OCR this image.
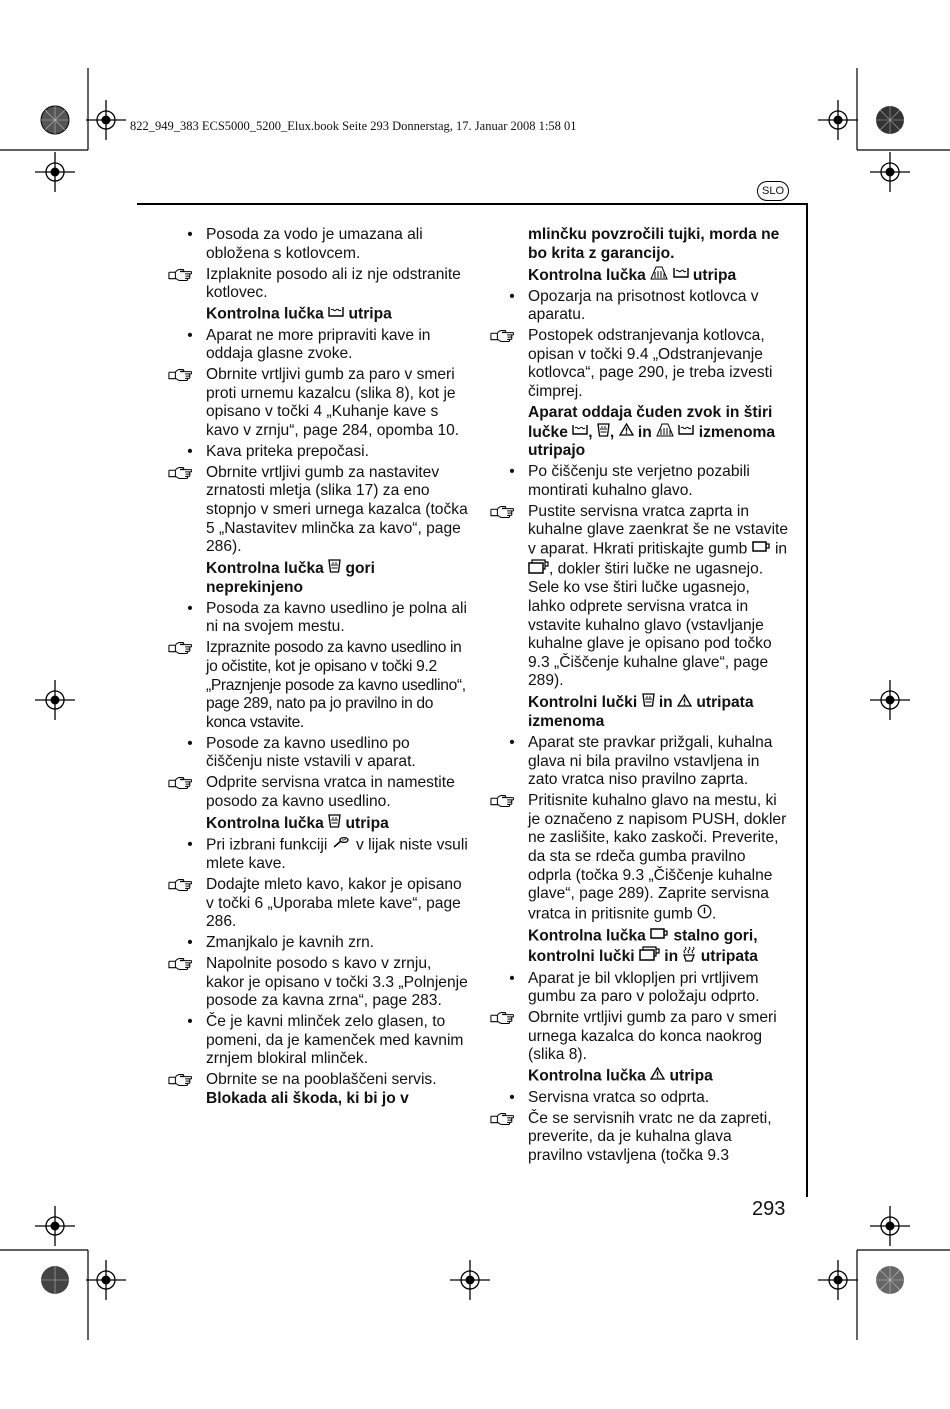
822_949_383 ECS5000_5200_Elux.book Seite 293 Donnerstag, 17. Januar 2008 1:58 01
SLO
• Posoda za vodo je umazana ali obložena s kotlovcem.
Izplaknite posodo ali iz nje odstranite kotlovec.
Kontrolna lučka  utripa
• Aparat ne more pripraviti kave in oddaja glasne zvoke.
Obrnite vrtljivi gumb za paro v smeri proti urnemu kazalcu (slika 8), kot je opisano v točki 4 „Kuhanje kave s kavo v zrnju“, page 284, opomba 10.
• Kava priteka prepočasi.
Obrnite vrtljivi gumb za nastavitev zrnatosti mletja (slika 17) za eno stopnjo v smeri urnega kazalca (točka 5 „Nastavitev mlinčka za kavo“, page 286).
Kontrolna lučka  gori neprekinjeno
• Posoda za kavno usedlino je polna ali ni na svojem mestu.
Izpraznite posodo za kavno usedlino in jo očistite, kot je opisano v točki 9.2 „Praznjenje posode za kavno usedlino“, page 289, nato pa jo pravilno in do konca vstavite.
• Posode za kavno usedlino po čiščenju niste vstavili v aparat.
Odprite servisna vratca in namestite posodo za kavno usedlino.
Kontrolna lučka  utripa
• Pri izbrani funkciji  v lijak niste vsuli mlete kave.
Dodajte mleto kavo, kakor je opisano v točki 6 „Uporaba mlete kave“, page 286.
• Zmanjkalo je kavnih zrn.
Napolnite posodo s kavo v zrnju, kakor je opisano v točki 3.3 „Polnjenje posode za kavna zrna“, page 283.
• Če je kavni mlinček zelo glasen, to pomeni, da je kamenček med kavnim zrnjem blokiral mlinček.
Obrnite se na pooblaščeni servis.
Blokada ali škoda, ki bi jo v
mlinčku povzročili tujki, morda ne bo krita z garancijo.
Kontrolna lučka   utripa
• Opozarja na prisotnost kotlovca v aparatu.
Postopek odstranjevanja kotlovca, opisan v točki 9.4 „Odstranjevanje kotlovca“, page 290, je treba izvesti čimprej.
Aparat oddaja čuden zvok in štiri lučke , ,  in   izmenoma utripajo
• Po čiščenju ste verjetno pozabili montirati kuhalno glavo.
Pustite servisna vratca zaprta in kuhalne glave zaenkrat še ne vstavite v aparat. Hkrati pritiskajte gumb  in , dokler štiri lučke ne ugasnejo. Sele ko vse štiri lučke ugasnejo, lahko odprete servisna vratca in vstavite kuhalno glavo (vstavljanje kuhalne glave je opisano pod točko 9.3 „Čiščenje kuhalne glave“, page 289).
Kontrolni lučki  in  utripata izmenoma
• Aparat ste pravkar prižgali, kuhalna glava ni bila pravilno vstavljena in zato vratca niso pravilno zaprta.
Pritisnite kuhalno glavo na mestu, ki je označeno z napisom PUSH, dokler ne zaslišite, kako zaskoči. Preverite, da sta se rdeča gumba pravilno odprla (točka 9.3 „Čiščenje kuhalne glave“, page 289). Zaprite servisna vratca in pritisnite gumb .
Kontrolna lučka  stalno gori, kontrolni lučki  in  utripata
• Aparat je bil vklopljen pri vrtljivem gumbu za paro v položaju odprto.
Obrnite vrtljivi gumb za paro v smeri urnega kazalca do konca naokrog (slika 8).
Kontrolna lučka  utripa
• Servisna vratca so odprta.
Če se servisnih vratc ne da zapreti, preverite, da je kuhalna glava pravilno vstavljena (točka 9.3
293
